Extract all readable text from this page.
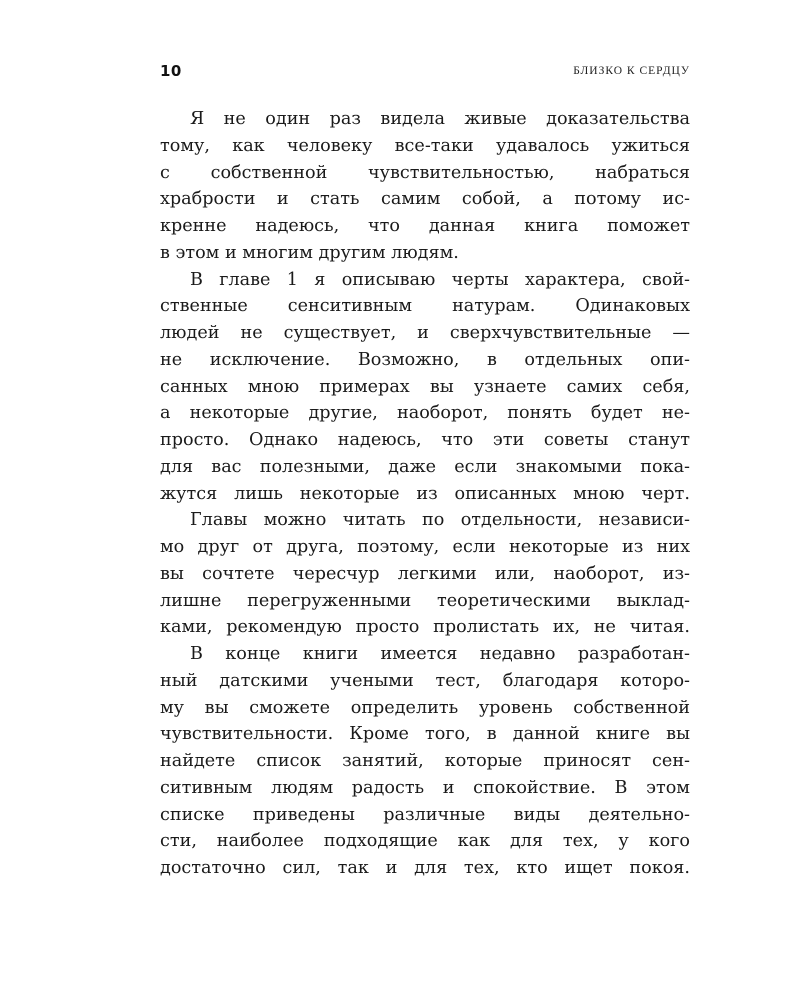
10	БЛИЗКО К СЕРДЦУ
Я не один раз видела живые доказательства
тому, как человеку все-таки удавалось ужиться
с собственной чувствительностью, набраться
храбрости и стать самим собой, а потому ис-
кренне надеюсь, что данная книга поможет
в этом и многим другим людям.
В главе 1 я описываю черты характера, свой-
ственные сенситивным натурам. Одинаковых
людей не существует, и сверхчувствительные —
не исключение. Возможно, в отдельных опи-
санных мною примерах вы узнаете самих себя,
а некоторые другие, наоборот, понять будет не-
просто. Однако надеюсь, что эти советы станут
для вас полезными, даже если знакомыми пока-
жутся лишь некоторые из описанных мною черт.
Главы можно читать по отдельности, независи-
мо друг от друга, поэтому, если некоторые из них
вы сочтете чересчур легкими или, наоборот, из-
лишне перегруженными теоретическими выклад-
ками, рекомендую просто пролистать их, не читая.
В конце книги имеется недавно разработан-
ный датскими учеными тест, благодаря которо-
му вы сможете определить уровень собственной
чувствительности. Кроме того, в данной книге вы
найдете список занятий, которые приносят сен-
ситивным людям радость и спокойствие. В этом
списке приведены различные виды деятельно-
сти, наиболее подходящие как для тех, у кого
достаточно сил, так и для тех, кто ищет покоя.
